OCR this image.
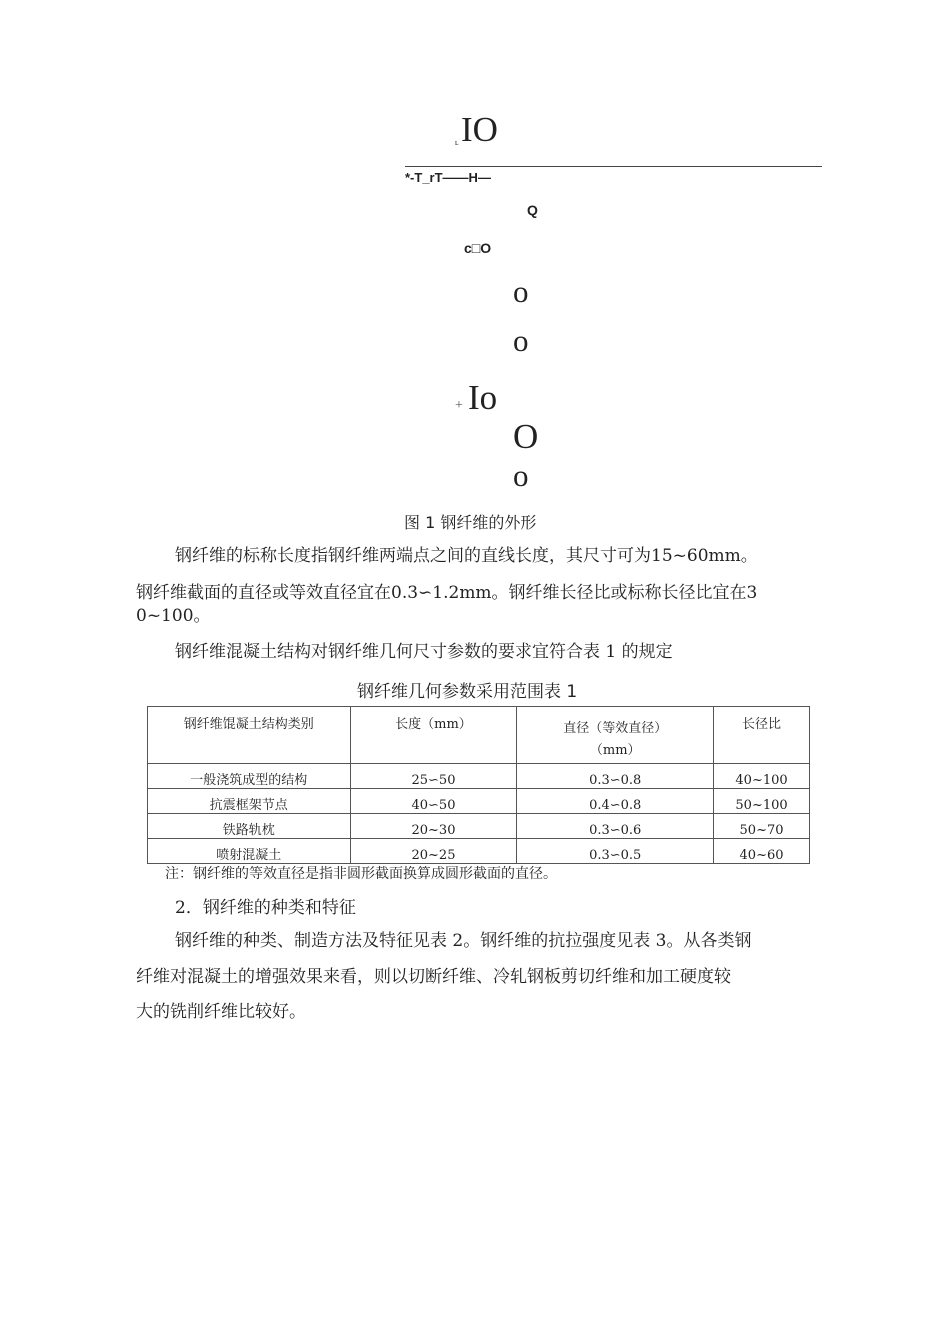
ʟ IO
*-T_rT——H—
Q
c□O
o
o
+ Io
O
o
图 1 钢纤维的外形
钢纤维的标称长度指钢纤维两端点之间的直线长度，其尺寸可为15~60mm。
钢纤维截面的直径或等效直径宜在0.3∽1.2mm。钢纤维长径比或标称长径比宜在3
0~100。
钢纤维混凝土结构对钢纤维几何尺寸参数的要求宜符合表 1 的规定
钢纤维几何参数采用范围表 1
钢纤维馄凝土结构类别	长度（mm）	直径（等效直径）
（mm）	长径比
一般浇筑成型的结构	25∽50	0.3∽0.8	40~100
抗震框架节点	40∽50	0.4∽0.8	50~100
铁路轨枕	20~30	0.3∽0.6	50~70
喷射混凝土	20~25	0.3∽0.5	40~60
注：钢纤维的等效直径是指非圆形截面换算成圆形截面的直径。
2．钢纤维的种类和特征
钢纤维的种类、制造方法及特征见表 2。钢纤维的抗拉强度见表 3。从各类钢
纤维对混凝土的增强效果来看，则以切断纤维、冷轧钢板剪切纤维和加工硬度较
大的铣削纤维比较好。
